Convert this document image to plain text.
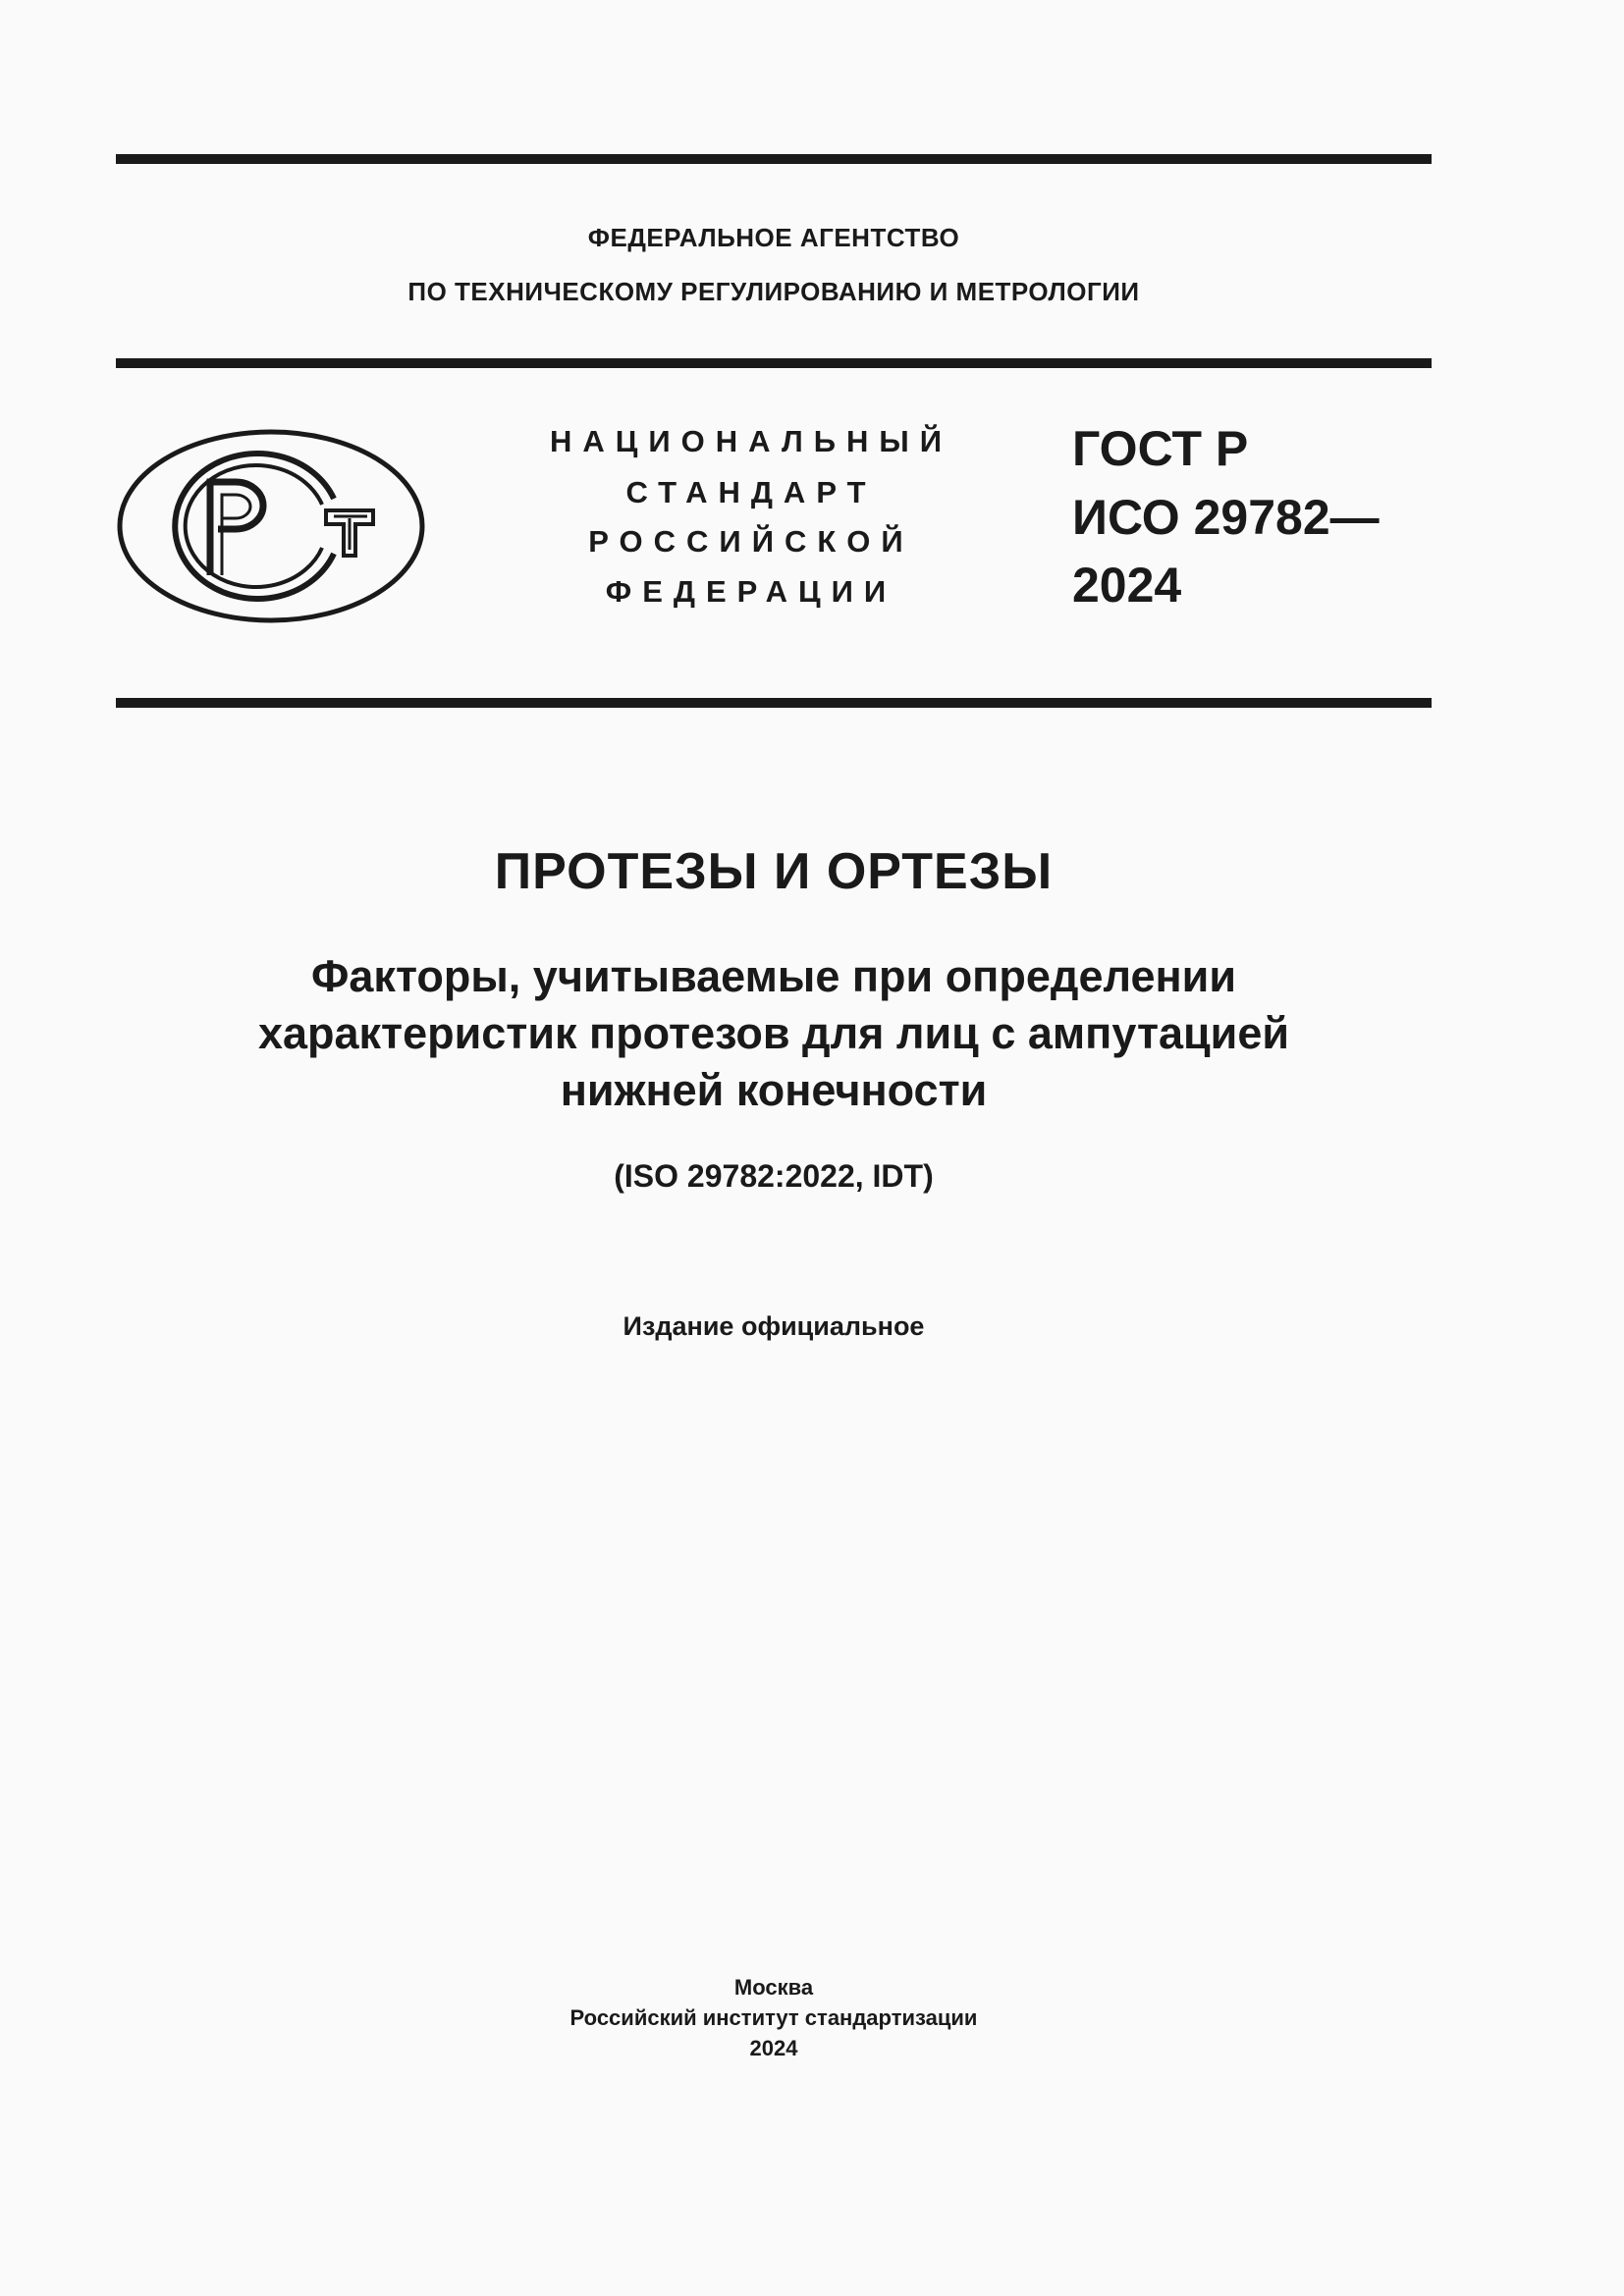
ФЕДЕРАЛЬНОЕ АГЕНТСТВО
ПО ТЕХНИЧЕСКОМУ РЕГУЛИРОВАНИЮ И МЕТРОЛОГИИ
НАЦИОНАЛЬНЫЙ
СТАНДАРТ
РОССИЙСКОЙ
ФЕДЕРАЦИИ
ГОСТ Р
ИСО 29782—
2024
ПРОТЕЗЫ И ОРТЕЗЫ
Факторы, учитываемые при определении
характеристик протезов для лиц с ампутацией
нижней конечности
(ISO 29782:2022, IDT)
Издание официальное
Москва
Российский институт стандартизации
2024
